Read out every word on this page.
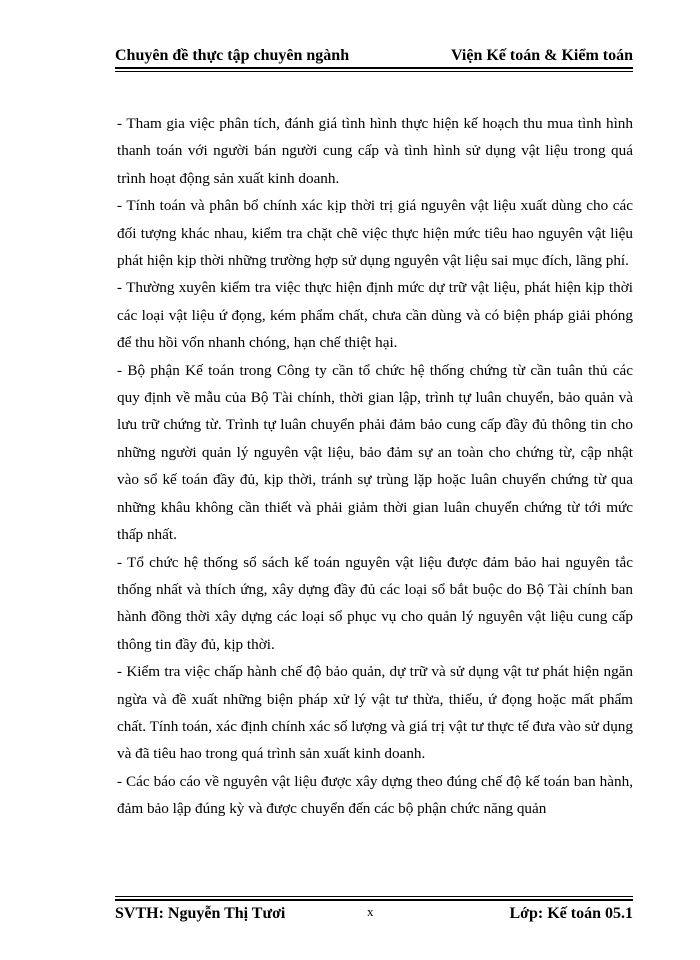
Chuyên đề thực tập chuyên ngành	Viện Kế toán & Kiểm toán

- Tham gia việc phân tích, đánh giá tình hình thực hiện kế hoạch thu mua tình hình thanh toán với người bán người cung cấp và tình hình sử dụng vật liệu trong quá trình hoạt động sản xuất kinh doanh.

- Tính toán và phân bổ chính xác kịp thời trị giá nguyên vật liệu xuất dùng cho các đối tượng khác nhau, kiểm tra chặt chẽ việc thực hiện mức tiêu hao nguyên vật liệu phát hiện kịp thời những trường hợp sử dụng nguyên vật liệu sai mục đích, lãng phí.

- Thường xuyên kiểm tra việc thực hiện định mức dự trữ vật liệu, phát hiện kịp thời các loại vật liệu ứ đọng, kém phẩm chất, chưa cần dùng và có biện pháp giải phóng để thu hồi vốn nhanh chóng, hạn chế thiệt hại.

- Bộ phận Kế toán trong Công ty cần tổ chức hệ thống chứng từ cần tuân thủ các quy định về mẫu của Bộ Tài chính, thời gian lập, trình tự luân chuyển, bảo quản và lưu trữ chứng từ. Trình tự luân chuyển phải đảm bảo cung cấp đầy đủ thông tin cho những người quản lý nguyên vật liệu, bảo đảm sự an toàn cho chứng từ, cập nhật vào sổ kế toán đầy đủ, kịp thời, tránh sự trùng lặp hoặc luân chuyển chứng từ qua những khâu không cần thiết và phải giảm thời gian luân chuyển chứng từ tới mức thấp nhất.

- Tổ chức hệ thống sổ sách kế toán nguyên vật liệu được đảm bảo hai nguyên tắc thống nhất và thích ứng, xây dựng đầy đủ các loại sổ bắt buộc do Bộ Tài chính ban hành đồng thời xây dựng các loại sổ phục vụ cho quản lý nguyên vật liệu cung cấp thông tin đầy đủ, kịp thời.

- Kiểm tra việc chấp hành chế độ bảo quản, dự trữ và sử dụng vật tư phát hiện ngăn ngừa và đề xuất những biện pháp xử lý vật tư thừa, thiếu, ứ đọng hoặc mất phẩm chất. Tính toán, xác định chính xác số lượng và giá trị vật tư thực tế đưa vào sử dụng và đã tiêu hao trong quá trình sản xuất kinh doanh.

- Các báo cáo về nguyên vật liệu được xây dựng theo đúng chế độ kế toán ban hành, đảm bảo lập đúng kỳ và được chuyển đến các bộ phận chức năng quản

SVTH: Nguyễn Thị Tươi	x	Lớp: Kế toán 05.1
